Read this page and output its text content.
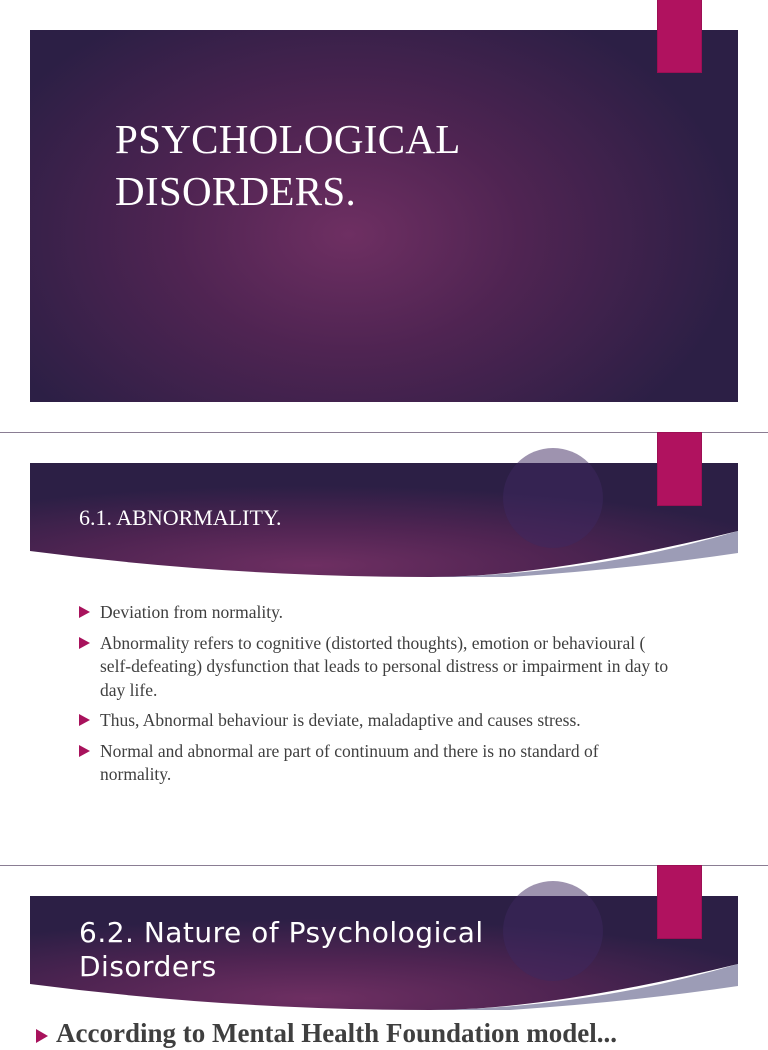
PSYCHOLOGICAL
DISORDERS.
6.1. ABNORMALITY.
Deviation from normality.
Abnormality refers to cognitive (distorted thoughts), emotion or behavioural ( self-defeating) dysfunction that leads to personal distress or impairment in day to day life.
Thus, Abnormal behaviour is deviate, maladaptive and causes stress.
Normal and abnormal are part of continuum and there is no standard of normality.
6.2. Nature of Psychological
Disorders
According to Mental Health Foundation model...
